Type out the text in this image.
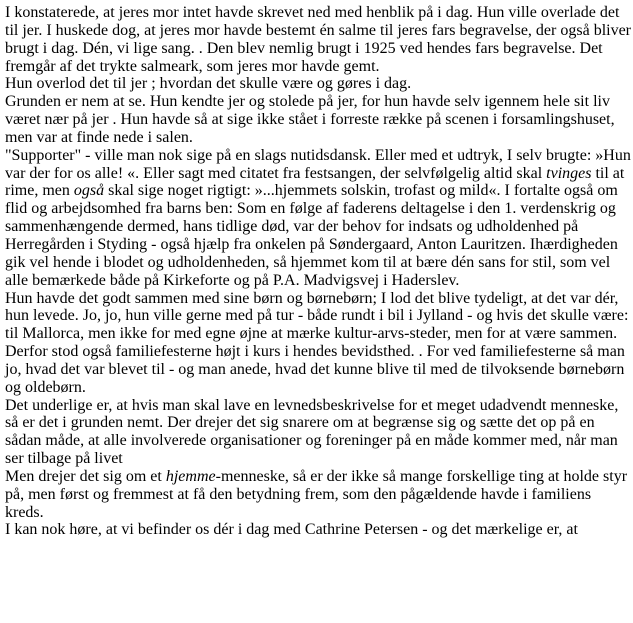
I konstaterede, at jeres mor intet havde skrevet ned med henblik på i dag. Hun ville overlade det til jer. I huskede dog, at jeres mor havde bestemt én salme til jeres fars begravelse, der også bliver brugt i dag. Dén, vi lige sang. . Den blev nemlig brugt i 1925 ved hendes fars begravelse. Det fremgår af det trykte salmeark, som jeres mor havde gemt.

Hun overlod det til jer ; hvordan det skulle være og gøres i dag.

Grunden er nem at se. Hun kendte jer og stolede på jer, for hun havde selv igennem hele sit liv været nær på jer . Hun havde så at sige ikke stået i forreste række på scenen i forsamlingshuset, men var at finde nede i salen.

"Supporter" - ville man nok sige på en slags nutidsdansk. Eller med et udtryk, I selv brugte: »Hun var der for os alle! «. Eller sagt med citatet fra festsangen, der selvfølgelig altid skal tvinges til at rime, men også skal sige noget rigtigt: »...hjemmets solskin, trofast og mild«. I fortalte også om flid og arbejdsomhed fra barns ben: Som en følge af faderens deltagelse i den 1. verdenskrig og sammenhængende dermed, hans tidlige død, var der behov for indsats og udholdenhed på Herregården i Styding - også hjælp fra onkelen på Søndergaard, Anton Lauritzen. Ihærdigheden gik vel hende i blodet og udholdenheden, så hjemmet kom til at bære dén sans for stil, som vel alle bemærkede både på Kirkeforte og på P.A. Madvigsvej i Haderslev.

Hun havde det godt sammen med sine børn og børnebørn; I lod det blive tydeligt, at det var dér, hun levede. Jo, jo, hun ville gerne med på tur - både rundt i bil i Jylland - og hvis det skulle være: til Mallorca, men ikke for med egne øjne at mærke kultur-arvs-steder, men for at være sammen.

Derfor stod også familiefesterne højt i kurs i hendes bevidsthed. . For ved familiefesterne så man jo, hvad det var blevet til - og man anede, hvad det kunne blive til med de tilvoksende børnebørn og oldebørn.

Det underlige er, at hvis man skal lave en levnedsbeskrivelse for et meget udadvendt menneske, så er det i grunden nemt. Der drejer det sig snarere om at begrænse sig og sætte det op på en sådan måde, at alle involverede organisationer og foreninger på en måde kommer med, når man ser tilbage på livet

Men drejer det sig om et hjemme-menneske, så er der ikke så mange forskellige ting at holde styr på, men først og fremmest at få den betydning frem, som den pågældende havde i familiens kreds.

I kan nok høre, at vi befinder os dér i dag med Cathrine Petersen - og det mærkelige er, at
